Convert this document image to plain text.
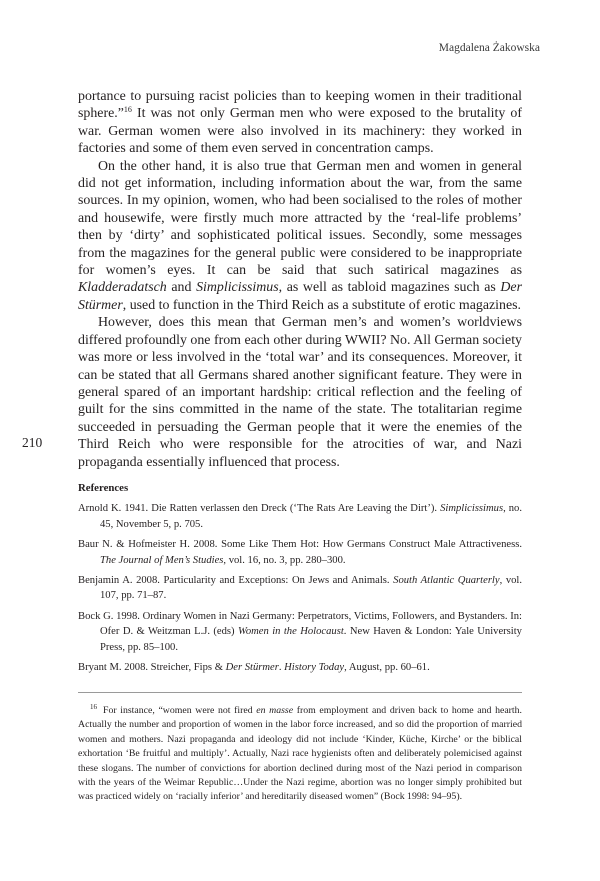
Magdalena Żakowska
210

portance to pursuing racist policies than to keeping women in their traditional sphere.”$^{16}$ It was not only German men who were exposed to the brutality of war. German women were also involved in its machinery: they worked in factories and some of them even served in concentration camps.

On the other hand, it is also true that German men and women in general did not get information, including information about the war, from the same sources. In my opinion, women, who had been socialised to the roles of mother and housewife, were firstly much more attracted by the ‘real-life problems’ then by ‘dirty’ and sophisticated political issues. Secondly, some messages from the magazines for the general public were considered to be inappropriate for women’s eyes. It can be said that such satirical magazines as Kladderadatsch and Simplicissimus, as well as tabloid magazines such as Der Stürmer, used to function in the Third Reich as a substitute of erotic magazines.

However, does this mean that German men’s and women’s worldviews differed profoundly one from each other during WWII? No. All German society was more or less involved in the ‘total war’ and its consequences. Moreover, it can be stated that all Germans shared another significant feature. They were in general spared of an important hardship: critical reflection and the feeling of guilt for the sins committed in the name of the state. The totalitarian regime succeeded in persuading the German people that it were the enemies of the Third Reich who were responsible for the atrocities of war, and Nazi propaganda essentially influenced that process.

References
Arnold K. 1941. Die Ratten verlassen den Dreck (‘The Rats Are Leaving the Dirt’). Simplicissimus, no. 45, November 5, p. 705.
Baur N. & Hofmeister H. 2008. Some Like Them Hot: How Germans Construct Male Attractiveness. The Journal of Men’s Studies, vol. 16, no. 3, pp. 280–300.
Benjamin A. 2008. Particularity and Exceptions: On Jews and Animals. South Atlantic Quarterly, vol. 107, pp. 71–87.
Bock G. 1998. Ordinary Women in Nazi Germany: Perpetrators, Victims, Followers, and Bystanders. In: Ofer D. & Weitzman L.J. (eds) Women in the Holocaust. New Haven & London: Yale University Press, pp. 85–100.
Bryant M. 2008. Streicher, Fips & Der Stürmer. History Today, August, pp. 60–61.

$^{16}$ For instance, “women were not fired en masse from employment and driven back to home and hearth. Actually the number and proportion of women in the labor force increased, and so did the proportion of married women and mothers. Nazi propaganda and ideology did not include ‘Kinder, Küche, Kirche’ or the biblical exhortation ‘Be fruitful and multiply’. Actually, Nazi race hygienists often and deliberately polemicised against these slogans. The number of convictions for abortion declined during most of the Nazi period in comparison with the years of the Weimar Republic…Under the Nazi regime, abortion was no longer simply prohibited but was practiced widely on ‘racially inferior’ and hereditarily diseased women” (Bock 1998: 94–95).
